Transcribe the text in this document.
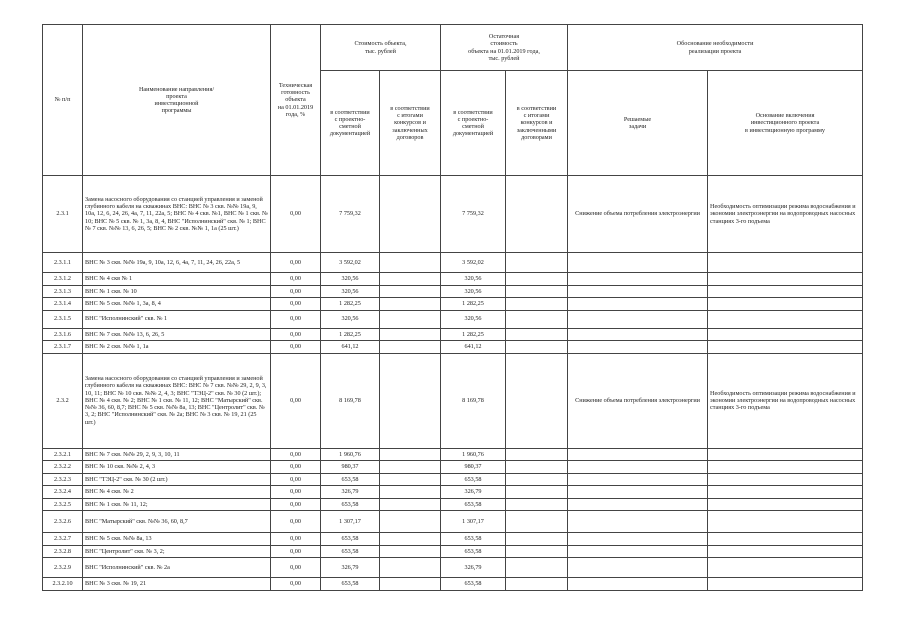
№ п/п	Наименование направления/
проекта
инвестиционной
программы	Техническая
готовность
объекта
на 01.01.2019
года, %	Стоимость объекта,
тыс. рублей		Остаточная
стоимость
объекта на 01.01.2019 года,
тыс. рублей		Обоснование необходимости
реализации проекта	
			в соответствии
с проектно-
сметной
документацией	в соответствии
с итогами
конкурсов и
заключенных
договоров	в соответствии
с проектно-
сметной
документацией	в соответствии
с итогами
конкурсов и
заключенными
договорами	Решаемые
задачи	Основание включения
инвестиционного проекта
в инвестиционную программу
2.3.1	Замена насосного оборудования со станцией управления и заменой глубинного кабеля на скважинах ВНС: ВНС № 3 скв. №№ 19а, 9, 10а, 12, 6, 24, 26, 4а, 7, 11, 22а, 5; ВНС № 4 скв. №1, ВНС № 1 скв. № 10; ВНС № 5 скв. № 1, 3а, 8, 4, ВНС "Исполнинский" скв. № 1; ВНС № 7 скв. №№ 13, 6, 26, 5; ВНС № 2 скв. №№ 1, 1а (25 шт.)	0,00	7 759,32		7 759,32		Снижение объема потребления электроэнергии	Необходимость оптимизации режима водоснабжения и экономии электроэнергии на водопроводных насосных станциях 3-го подъема
2.3.1.1	ВНС № 3 скв. №№ 19а, 9, 10а, 12, 6, 4а, 7, 11, 24, 26, 22а, 5	0,00	3 592,02		3 592,02			
2.3.1.2	ВНС № 4 скв № 1	0,00	320,56		320,56			
2.3.1.3	ВНС № 1 скв. № 10	0,00	320,56		320,56			
2.3.1.4	ВНС № 5 скв. №№ 1, 3а, 8, 4	0,00	1 282,25		1 282,25			
2.3.1.5	ВНС "Исполнинский" скв. № 1	0,00	320,56		320,56			
2.3.1.6	ВНС № 7 скв. №№ 13, 6, 26, 5	0,00	1 282,25		1 282,25			
2.3.1.7	ВНС № 2 скв. №№ 1, 1а	0,00	641,12		641,12			
2.3.2	Замена насосного оборудования со станцией управления и заменой глубинного кабеля на скважинах ВНС: ВНС № 7 скв. №№ 29, 2, 9, 3, 10, 11; ВНС № 10 скв. №№ 2, 4, 3; ВНС "ТЭЦ-2" скв. № 30 (2 шт.); ВНС № 4 скв. № 2; ВНС № 1 скв. № 11, 12; ВНС "Матырский" скв. №№ 36, 60, 8,7; ВНС № 5 скв. №№ 8а, 13; ВНС "Центролит" скв. № 3, 2; ВНС "Исполнинский" скв. № 2а; ВНС № 3 скв. № 19, 21 (25 шт.)	0,00	8 169,78		8 169,78		Снижение объема потребления электроэнергии	Необходимость оптимизации режима водоснабжения и экономии электроэнергии на водопроводных насосных станциях 3-го подъема
2.3.2.1	ВНС № 7 скв. №№ 29, 2, 9, 3, 10, 11	0,00	1 960,76		1 960,76			
2.3.2.2	ВНС № 10 скв. №№ 2, 4, 3	0,00	980,37		980,37			
2.3.2.3	ВНС "ТЭЦ-2" скв. № 30 (2 шт.)	0,00	653,58		653,58			
2.3.2.4	ВНС № 4 скв. № 2	0,00	326,79		326,79			
2.3.2.5	ВНС № 1 скв. № 11, 12;	0,00	653,58		653,58			
2.3.2.6	ВНС "Матырский" скв. №№ 36, 60, 8,7	0,00	1 307,17		1 307,17			
2.3.2.7	ВНС № 5 скв. №№ 8а, 13	0,00	653,58		653,58			
2.3.2.8	ВНС "Центролит" скв. № 3, 2;	0,00	653,58		653,58			
2.3.2.9	ВНС "Исполнинский" скв. № 2а	0,00	326,79		326,79			
2.3.2.10	ВНС № 3 скв. № 19, 21	0,00	653,58		653,58			
